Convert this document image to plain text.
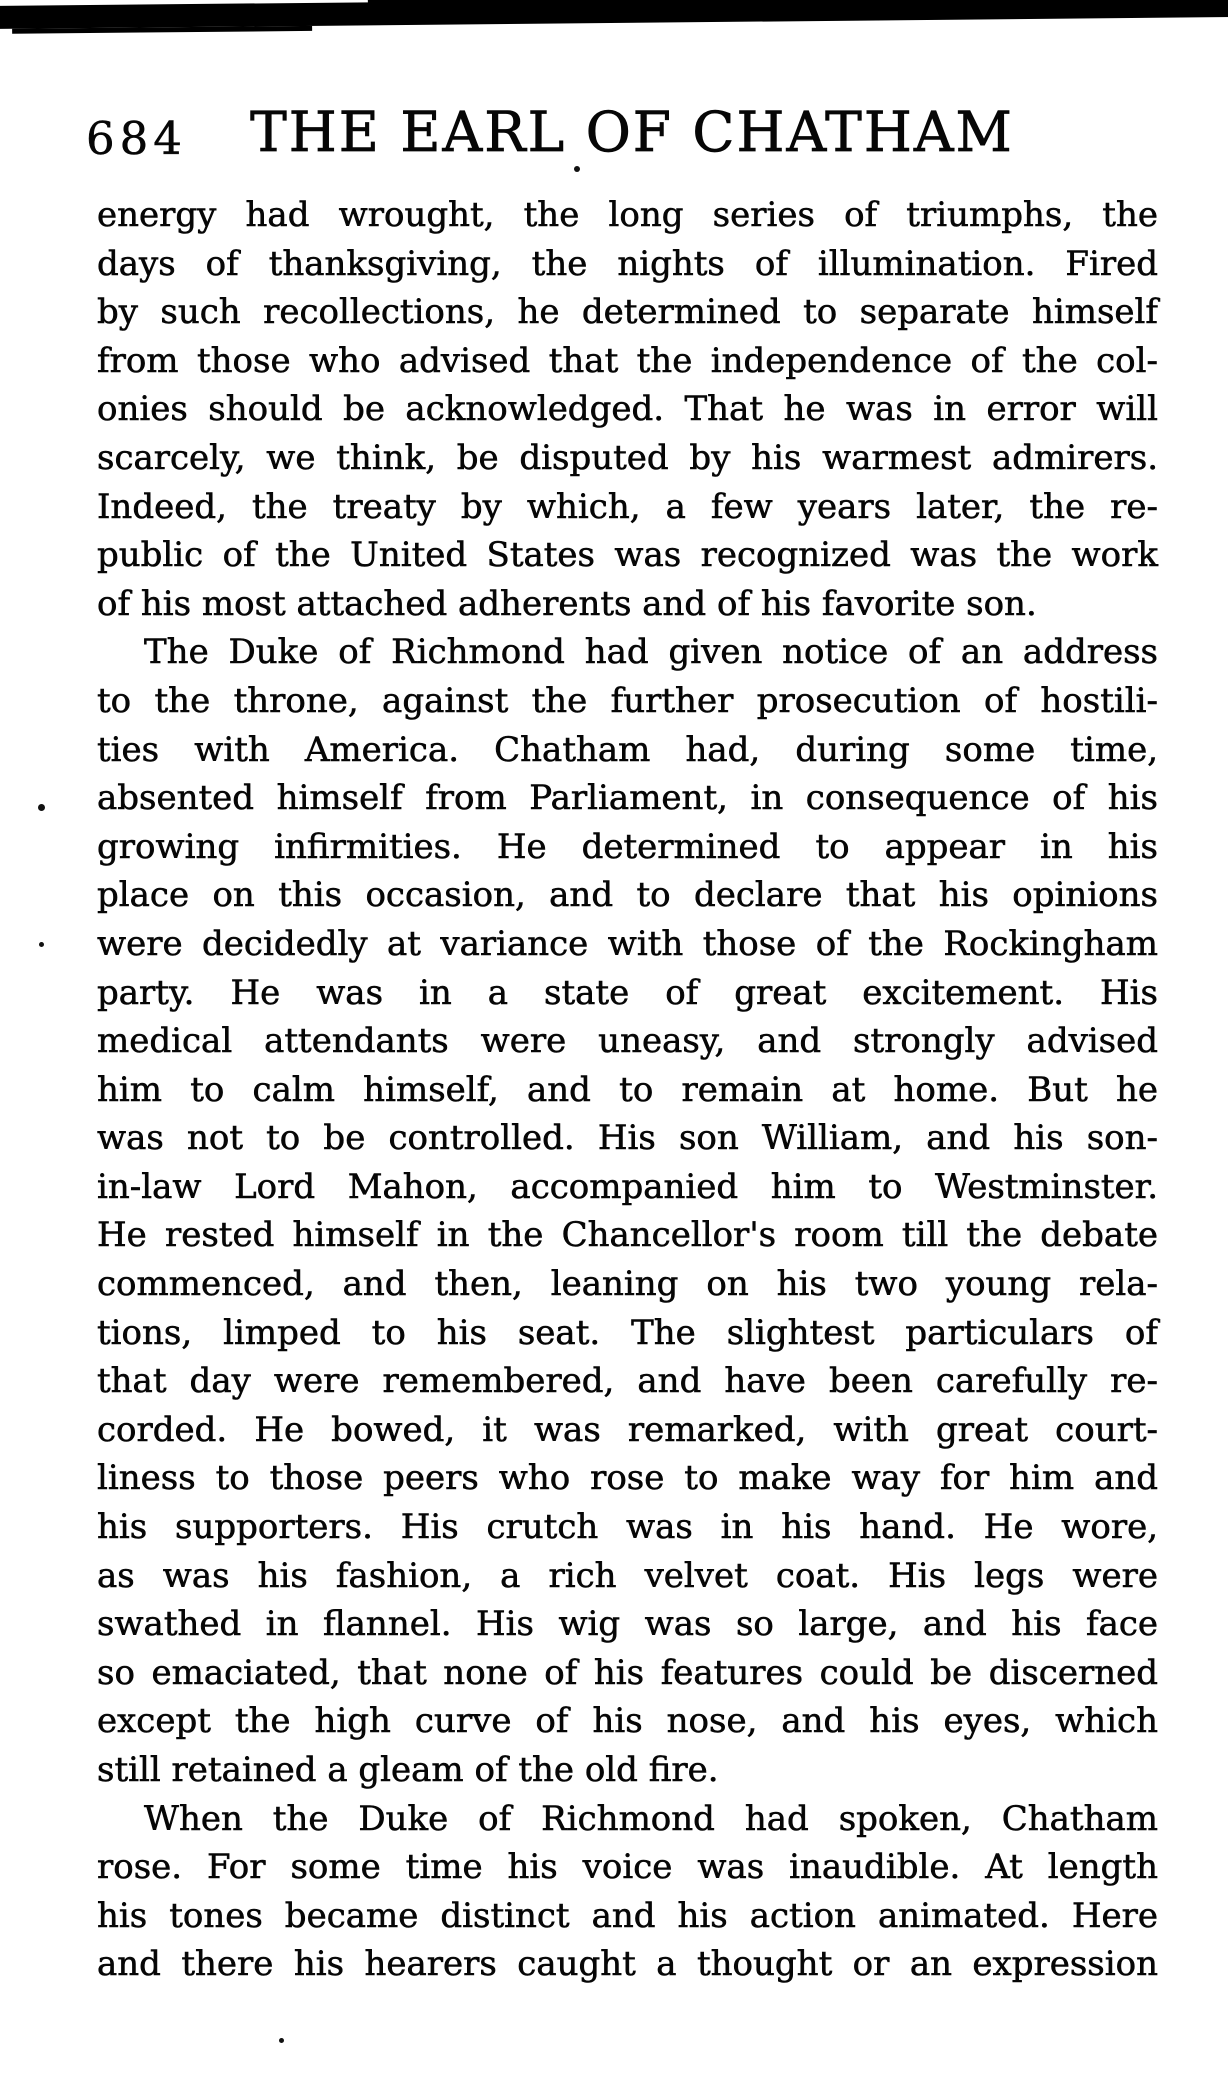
684	THE EARL OF CHATHAM
energy had wrought, the long series of triumphs, the
days of thanksgiving, the nights of illumination. Fired
by such recollections, he determined to separate himself
from those who advised that the independence of the col-
onies should be acknowledged. That he was in error will
scarcely, we think, be disputed by his warmest admirers.
Indeed, the treaty by which, a few years later, the re-
public of the United States was recognized was the work
of his most attached adherents and of his favorite son.
The Duke of Richmond had given notice of an address
to the throne, against the further prosecution of hostili-
ties with America. Chatham had, during some time,
absented himself from Parliament, in consequence of his
growing infirmities. He determined to appear in his
place on this occasion, and to declare that his opinions
were decidedly at variance with those of the Rockingham
party. He was in a state of great excitement. His
medical attendants were uneasy, and strongly advised
him to calm himself, and to remain at home. But he
was not to be controlled. His son William, and his son-
in-law Lord Mahon, accompanied him to Westminster.
He rested himself in the Chancellor's room till the debate
commenced, and then, leaning on his two young rela-
tions, limped to his seat. The slightest particulars of
that day were remembered, and have been carefully re-
corded. He bowed, it was remarked, with great court-
liness to those peers who rose to make way for him and
his supporters. His crutch was in his hand. He wore,
as was his fashion, a rich velvet coat. His legs were
swathed in flannel. His wig was so large, and his face
so emaciated, that none of his features could be discerned
except the high curve of his nose, and his eyes, which
still retained a gleam of the old fire.
When the Duke of Richmond had spoken, Chatham
rose. For some time his voice was inaudible. At length
his tones became distinct and his action animated. Here
and there his hearers caught a thought or an expression
